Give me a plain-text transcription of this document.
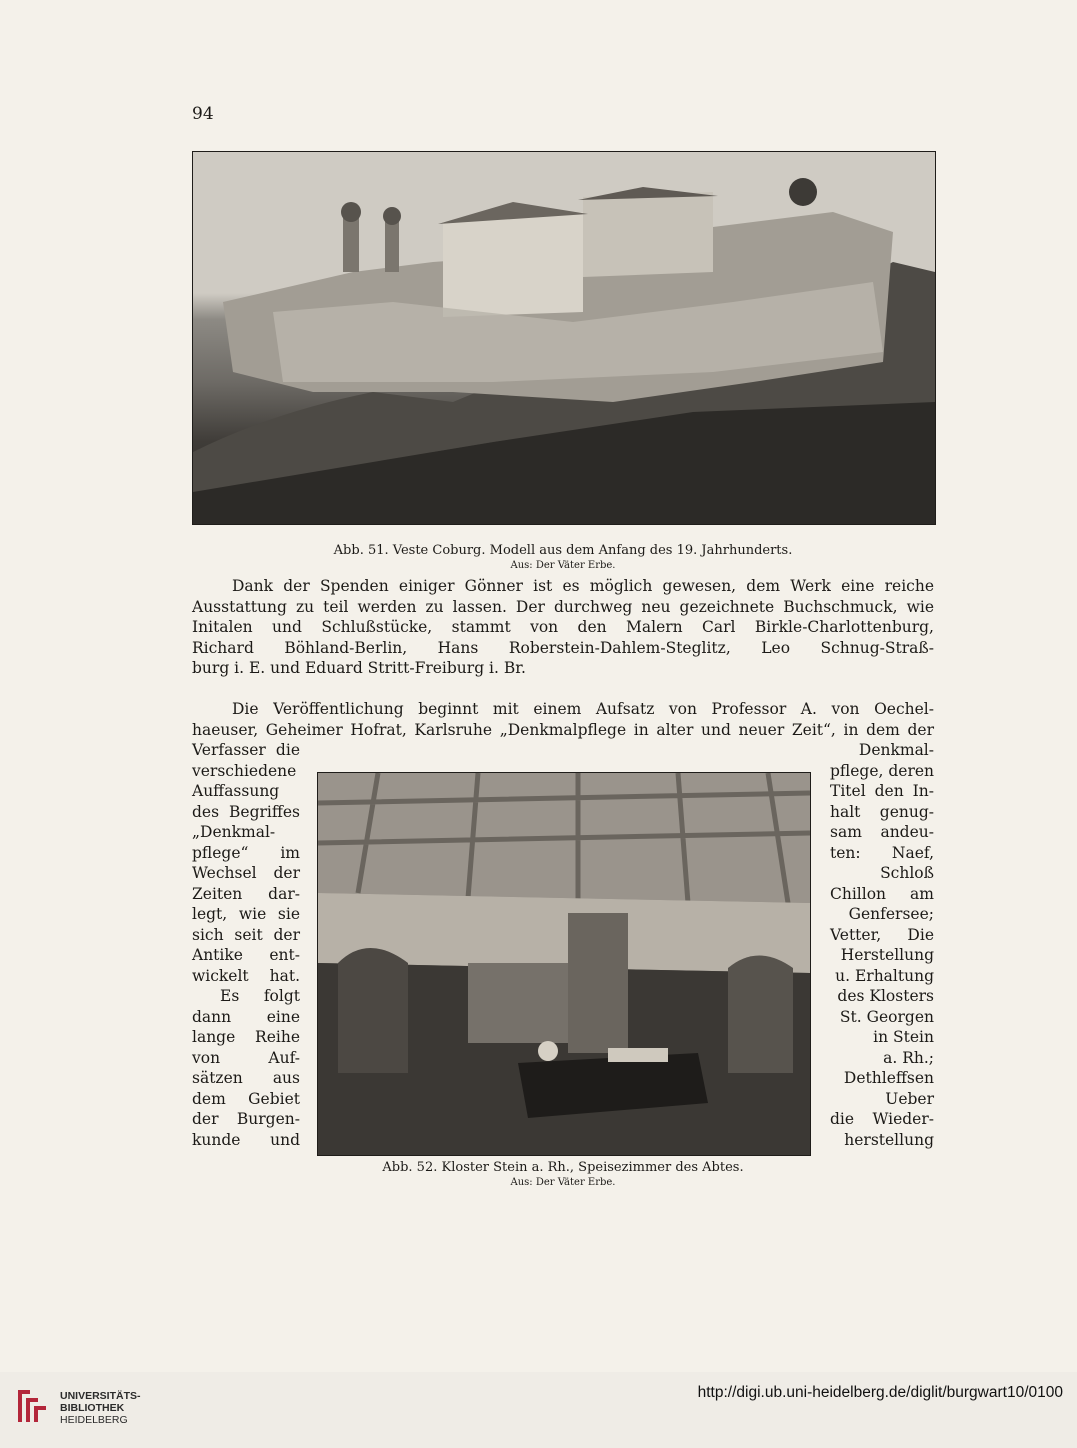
94
Abb. 51. Veste Coburg. Modell aus dem Anfang des 19. Jahrhunderts.
Aus: Der Väter Erbe.
Dank der Spenden einiger Gönner ist es möglich gewesen, dem Werk eine reiche
Ausstattung zu teil werden zu lassen. Der durchweg neu gezeichnete Buchschmuck, wie
Initalen und Schlußstücke, stammt von den Malern Carl Birkle-Charlottenburg,
Richard Böhland-Berlin, Hans Roberstein-Dahlem-Steglitz, Leo Schnug-Straß-
burg i. E. und Eduard Stritt-Freiburg i. Br.
Die Veröffentlichung beginnt mit einem Aufsatz von Professor A. von Oechel-
haeuser, Geheimer Hofrat, Karlsruhe „Denkmalpflege in alter und neuer Zeit“, in dem der
Verfasser die
verschiedene
Auffassung
des Begriffes
„Denkmal-
pflege“ im
Wechsel der
Zeiten dar-
legt, wie sie
sich seit der
Antike ent-
wickelt hat.
Es folgt
dann eine
lange Reihe
von Auf-
sätzen aus
dem Gebiet
der Burgen-
kunde und
Denkmal-
pflege, deren
Titel den In-
halt genug-
sam andeu-
ten: Naef,
Schloß
Chillon am
Genfersee;
Vetter, Die
Herstellung
u. Erhaltung
des Klosters
St. Georgen
in Stein
a. Rh.;
Dethleffsen
Ueber
die Wieder-
herstellung
Abb. 52. Kloster Stein a. Rh., Speisezimmer des Abtes.
Aus: Der Väter Erbe.
UNIVERSITÄTS-
BIBLIOTHEK
HEIDELBERG
http://digi.ub.uni-heidelberg.de/diglit/burgwart10/0100
